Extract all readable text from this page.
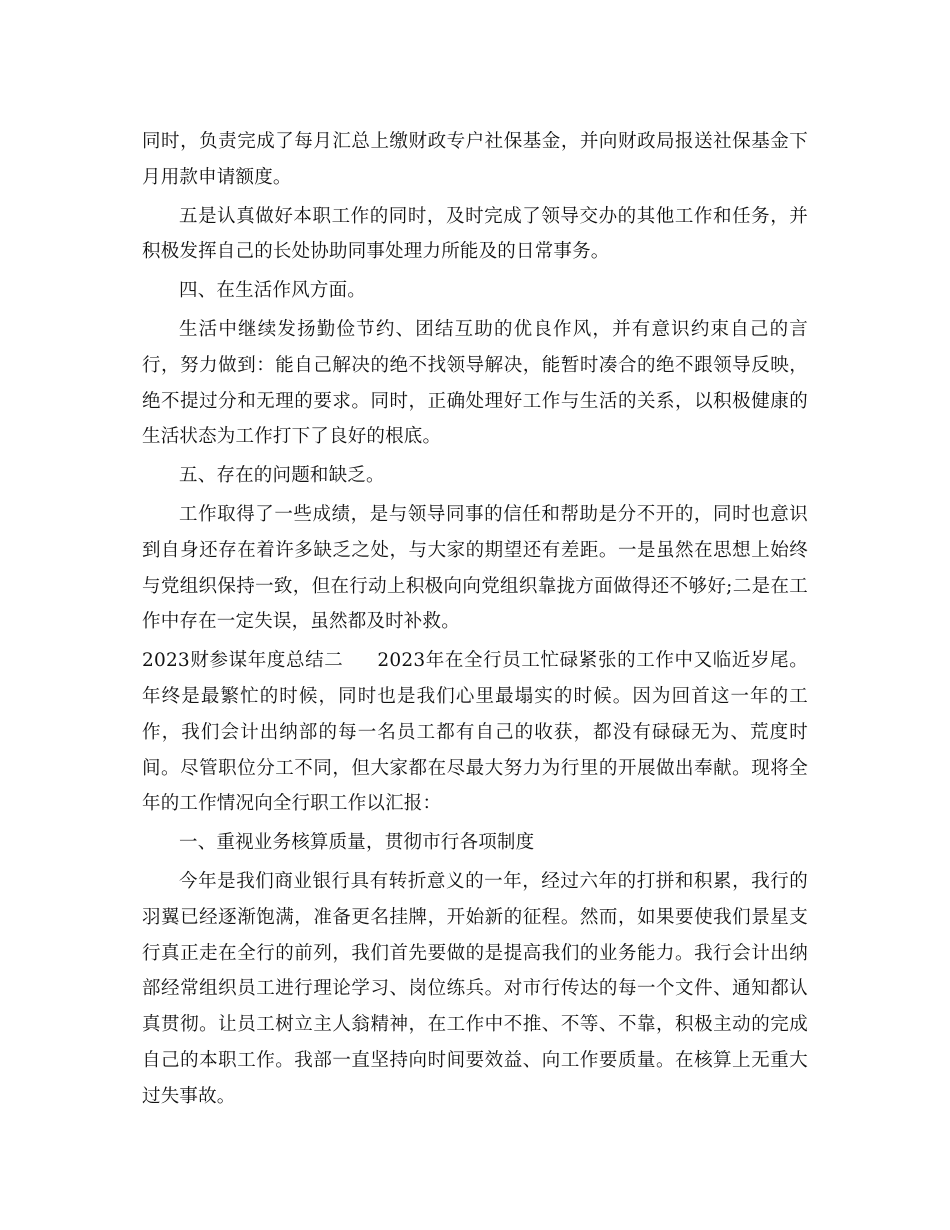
同时，负责完成了每月汇总上缴财政专户社保基金，并向财政局报送社保基金下月用款申请额度。

五是认真做好本职工作的同时，及时完成了领导交办的其他工作和任务，并积极发挥自己的长处协助同事处理力所能及的日常事务。

四、在生活作风方面。

生活中继续发扬勤俭节约、团结互助的优良作风，并有意识约束自己的言行，努力做到：能自己解决的绝不找领导解决，能暂时凑合的绝不跟领导反映，绝不提过分和无理的要求。同时，正确处理好工作与生活的关系，以积极健康的生活状态为工作打下了良好的根底。

五、存在的问题和缺乏。

工作取得了一些成绩，是与领导同事的信任和帮助是分不开的，同时也意识到自身还存在着许多缺乏之处，与大家的期望还有差距。一是虽然在思想上始终与党组织保持一致，但在行动上积极向向党组织靠拢方面做得还不够好;二是在工作中存在一定失误，虽然都及时补救。

2023财参谋年度总结二 2023年在全行员工忙碌紧张的工作中又临近岁尾。年终是最繁忙的时候，同时也是我们心里最塌实的时候。因为回首这一年的工作，我们会计出纳部的每一名员工都有自己的收获，都没有碌碌无为、荒度时间。尽管职位分工不同，但大家都在尽最大努力为行里的开展做出奉献。现将全年的工作情况向全行职工作以汇报：

一、重视业务核算质量，贯彻市行各项制度

今年是我们商业银行具有转折意义的一年，经过六年的打拼和积累，我行的羽翼已经逐渐饱满，准备更名挂牌，开始新的征程。然而，如果要使我们景星支行真正走在全行的前列，我们首先要做的是提高我们的业务能力。我行会计出纳部经常组织员工进行理论学习、岗位练兵。对市行传达的每一个文件、通知都认真贯彻。让员工树立主人翁精神，在工作中不推、不等、不靠，积极主动的完成自己的本职工作。我部一直坚持向时间要效益、向工作要质量。在核算上无重大过失事故。
